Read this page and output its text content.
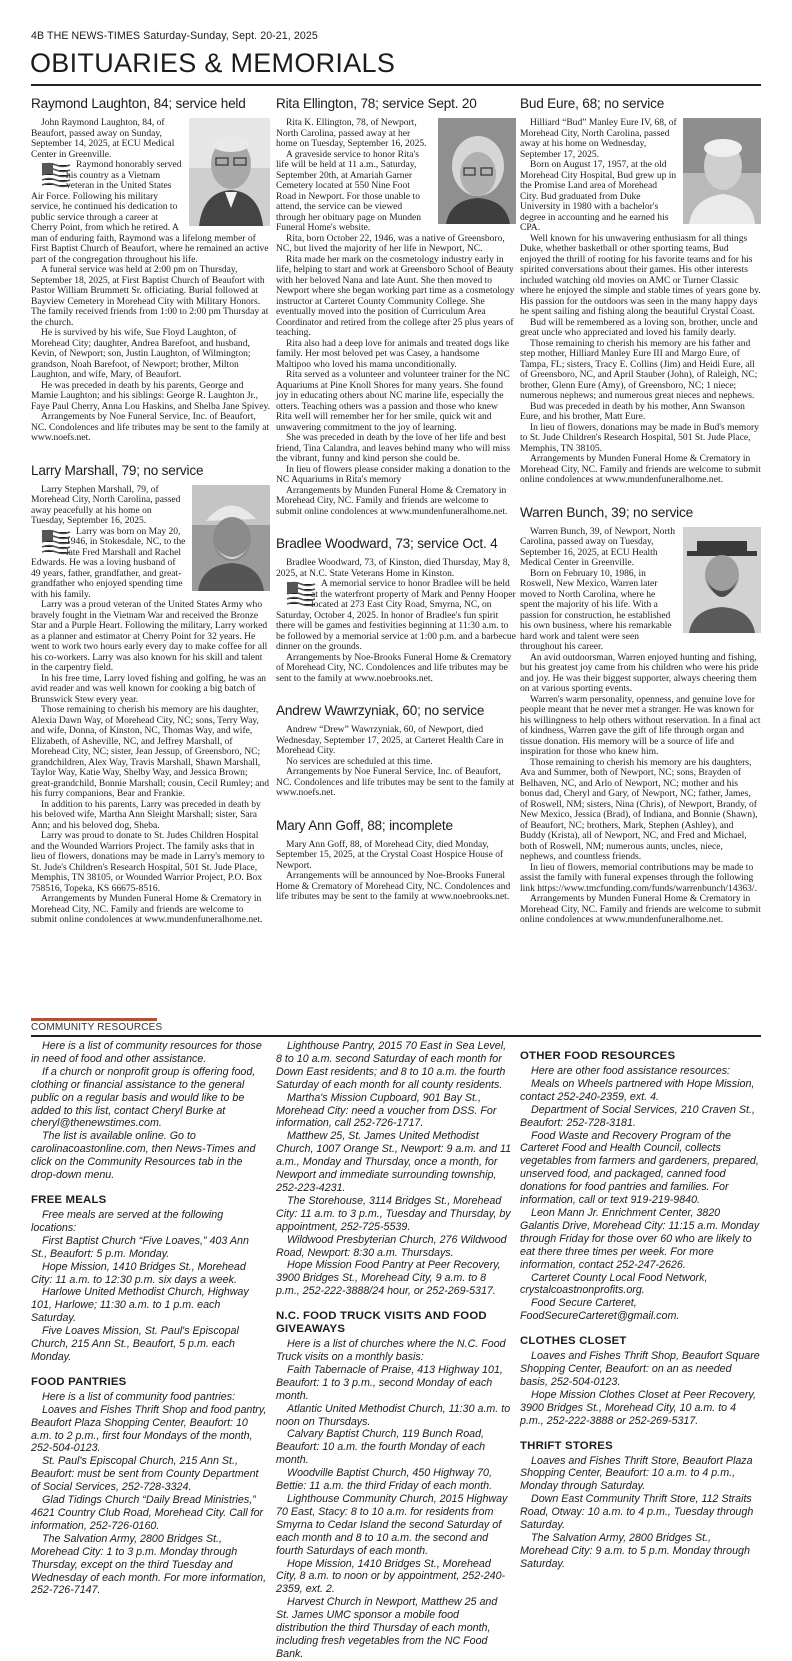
4B THE NEWS-TIMES Saturday-Sunday, Sept. 20-21, 2025
OBITUARIES & MEMORIALS
Raymond Laughton, 84; service held

John Raymond Laughton, 84, of Beaufort, passed away on Sunday, September 14, 2025, at ECU Medical Center in Greenville.

Raymond honorably served his country as a Vietnam veteran in the United States Air Force. Following his military service, he continued his dedication to public service through a career at Cherry Point, from which he retired. A man of enduring faith, Raymond was a lifelong member of First Baptist Church of Beaufort, where he remained an active part of the congregation throughout his life.

A funeral service was held at 2:00 pm on Thursday, September 18, 2025, at First Baptist Church of Beaufort with Pastor William Brummett Sr. officiating. Burial followed at Bayview Cemetery in Morehead City with Military Honors. The family received friends from 1:00 to 2:00 pm Thursday at the church.

He is survived by his wife, Sue Floyd Laughton, of Morehead City; daughter, Andrea Barefoot, and husband, Kevin, of Newport; son, Justin Laughton, of Wilmington; grandson, Noah Barefoot, of Newport; brother, Milton Laughton, and wife, Mary, of Beaufort.

He was preceded in death by his parents, George and Mamie Laughton; and his siblings: George R. Laughton Jr., Faye Paul Cherry, Anna Lou Haskins, and Shelba Jane Spivey.

Arrangements by Noe Funeral Service, Inc. of Beaufort, NC. Condolences and life tributes may be sent to the family at www.noefs.net.

Larry Marshall, 79; no service

Larry Stephen Marshall, 79, of Morehead City, North Carolina, passed away peacefully at his home on Tuesday, September 16, 2025.

Larry was born on May 20, 1946, in Stokesdale, NC, to the late Fred Marshall and Rachel Edwards. He was a loving husband of 49 years, father, grandfather, and great-grandfather who enjoyed spending time with his family.

Larry was a proud veteran of the United States Army who bravely fought in the Vietnam War and received the Bronze Star and a Purple Heart. Following the military, Larry worked as a planner and estimator at Cherry Point for 32 years. He went to work two hours early every day to make coffee for all his co-workers. Larry was also known for his skill and talent in the carpentry field.

In his free time, Larry loved fishing and golfing, he was an avid reader and was well known for cooking a big batch of Brunswick Stew every year.

Those remaining to cherish his memory are his daughter, Alexia Dawn Way, of Morehead City, NC; sons, Terry Way, and wife, Donna, of Kinston, NC, Thomas Way, and wife, Elizabeth, of Asheville, NC, and Jeffrey Marshall, of Morehead City, NC; sister, Jean Jessup, of Greensboro, NC; grandchildren, Alex Way, Travis Marshall, Shawn Marshall, Taylor Way, Katie Way, Shelby Way, and Jessica Brown; great-grandchild, Bonnie Marshall; cousin, Cecil Rumley; and his furry companions, Bear and Frankie.

In addition to his parents, Larry was preceded in death by his beloved wife, Martha Ann Sleight Marshall; sister, Sara Ann; and his beloved dog, Sheba.

Larry was proud to donate to St. Judes Children Hospital and the Wounded Warriors Project. The family asks that in lieu of flowers, donations may be made in Larry's memory to St. Jude's Children's Research Hospital, 501 St. Jude Place, Memphis, TN 38105, or Wounded Warrior Project, P.O. Box 758516, Topeka, KS 66675-8516.

Arrangements by Munden Funeral Home & Crematory in Morehead City, NC. Family and friends are welcome to submit online condolences at www.mundenfuneralhome.net.

Rita Ellington, 78; service Sept. 20

Rita K. Ellington, 78, of Newport, North Carolina, passed away at her home on Tuesday, September 16, 2025.

A graveside service to honor Rita's life will be held at 11 a.m., Saturday, September 20th, at Amariah Garner Cemetery located at 550 Nine Foot Road in Newport. For those unable to attend, the service can be viewed through her obituary page on Munden Funeral Home's website.

Rita, born October 22, 1946, was a native of Greensboro, NC, but lived the majority of her life in Newport, NC.

Rita made her mark on the cosmetology industry early in life, helping to start and work at Greensboro School of Beauty with her beloved Nana and late Aunt. She then moved to Newport where she began working part time as a cosmetology instructor at Carteret County Community College. She eventually moved into the position of Curriculum Area Coordinator and retired from the college after 25 plus years of teaching.

Rita also had a deep love for animals and treated dogs like family. Her most beloved pet was Casey, a handsome Maltipoo who loved his mama unconditionally.

Rita served as a volunteer and volunteer trainer for the NC Aquariums at Pine Knoll Shores for many years. She found joy in educating others about NC marine life, especially the otters. Teaching others was a passion and those who knew Rita well will remember her for her smile, quick wit and unwavering commitment to the joy of learning.

She was preceded in death by the love of her life and best friend, Tina Calandra, and leaves behind many who will miss the vibrant, funny and kind person she could be.

In lieu of flowers please consider making a donation to the NC Aquariums in Rita's memory

Arrangements by Munden Funeral Home & Crematory in Morehead City, NC. Family and friends are welcome to submit online condolences at www.mundenfuneralhome.net.

Bradlee Woodward, 73; service Oct. 4

Bradlee Woodward, 73, of Kinston, died Thursday, May 8, 2025, at N.C. State Veterans Home in Kinston.

A memorial service to honor Bradlee will be held at the waterfront property of Mark and Penny Hooper located at 273 East City Road, Smyrna, NC, on Saturday, October 4, 2025. In honor of Bradlee's fun spirit there will be games and festivities beginning at 11:30 a.m. to be followed by a memorial service at 1:00 p.m. and a barbecue dinner on the grounds.

Arrangements by Noe-Brooks Funeral Home & Crematory of Morehead City, NC. Condolences and life tributes may be sent to the family at www.noebrooks.net.

Andrew Wawrzyniak, 60; no service

Andrew “Drew” Wawrzyniak, 60, of Newport, died Wednesday, September 17, 2025, at Carteret Health Care in Morehead City.

No services are scheduled at this time.

Arrangements by Noe Funeral Service, Inc. of Beaufort, NC. Condolences and life tributes may be sent to the family at www.noefs.net.

Mary Ann Goff, 88; incomplete

Mary Ann Goff, 88, of Morehead City, died Monday, September 15, 2025, at the Crystal Coast Hospice House of Newport.

Arrangements will be announced by Noe-Brooks Funeral Home & Crematory of Morehead City, NC. Condolences and life tributes may be sent to the family at www.noebrooks.net.

Bud Eure, 68; no service

Hilliard “Bud” Manley Eure IV, 68, of Morehead City, North Carolina, passed away at his home on Wednesday, September 17, 2025.

Born on August 17, 1957, at the old Morehead City Hospital, Bud grew up in the Promise Land area of Morehead City. Bud graduated from Duke University in 1980 with a bachelor's degree in accounting and he earned his CPA.

Well known for his unwavering enthusiasm for all things Duke, whether basketball or other sporting teams, Bud enjoyed the thrill of rooting for his favorite teams and for his spirited conversations about their games. His other interests included watching old movies on AMC or Turner Classic where he enjoyed the simple and stable times of years gone by. His passion for the outdoors was seen in the many happy days he spent sailing and fishing along the beautiful Crystal Coast.

Bud will be remembered as a loving son, brother, uncle and great uncle who appreciated and loved his family dearly.

Those remaining to cherish his memory are his father and step mother, Hilliard Manley Eure III and Margo Eure, of Tampa, FL; sisters, Tracy E. Collins (Jim) and Heidi Eure, all of Greensboro, NC, and April Stauber (John), of Raleigh, NC; brother, Glenn Eure (Amy), of Greensboro, NC; 1 niece; numerous nephews; and numerous great nieces and nephews.

Bud was preceded in death by his mother, Ann Swanson Eure, and his brother, Matt Eure.

In lieu of flowers, donations may be made in Bud's memory to St. Jude Children's Research Hospital, 501 St. Jude Place, Memphis, TN 38105.

Arrangements by Munden Funeral Home & Crematory in Morehead City, NC. Family and friends are welcome to submit online condolences at www.mundenfuneralhome.net.

Warren Bunch, 39; no service

Warren Bunch, 39, of Newport, North Carolina, passed away on Tuesday, September 16, 2025, at ECU Health Medical Center in Greenville.

Born on February 10, 1986, in Roswell, New Mexico, Warren later moved to North Carolina, where he spent the majority of his life. With a passion for construction, he established his own business, where his remarkable hard work and talent were seen throughout his career.

An avid outdoorsman, Warren enjoyed hunting and fishing, but his greatest joy came from his children who were his pride and joy. He was their biggest supporter, always cheering them on at various sporting events.

Warren's warm personality, openness, and genuine love for people meant that he never met a stranger. He was known for his willingness to help others without reservation. In a final act of kindness, Warren gave the gift of life through organ and tissue donation. His memory will be a source of life and inspiration for those who knew him.

Those remaining to cherish his memory are his daughters, Ava and Summer, both of Newport, NC; sons, Brayden of Belhaven, NC, and Arlo of Newport, NC; mother and his bonus dad, Cheryl and Gary, of Newport, NC; father, James, of Roswell, NM; sisters, Nina (Chris), of Newport, Brandy, of New Mexico, Jessica (Brad), of Indiana, and Bonnie (Shawn), of Beaufort, NC; brothers, Mark, Stephen (Ashley), and Buddy (Krista), all of Newport, NC, and Fred and Michael, both of Roswell, NM; numerous aunts, uncles, niece, nephews, and countless friends.

In lieu of flowers, memorial contributions may be made to assist the family with funeral expenses through the following link https://www.tmcfunding.com/funds/warrenbunch/14363/.

Arrangements by Munden Funeral Home & Crematory in Morehead City, NC. Family and friends are welcome to submit online condolences at www.mundenfuneralhome.net.

COMMUNITY RESOURCES

Here is a list of community resources for those in need of food and other assistance.

If a church or nonprofit group is offering food, clothing or financial assistance to the general public on a regular basis and would like to be added to this list, contact Cheryl Burke at cheryl@thenewstimes.com.

The list is available online. Go to carolinacoastonline.com, then News-Times and click on the Community Resources tab in the drop-down menu.

FREE MEALS

Free meals are served at the following locations:

First Baptist Church “Five Loaves,” 403 Ann St., Beaufort: 5 p.m. Monday.

Hope Mission, 1410 Bridges St., Morehead City: 11 a.m. to 12:30 p.m. six days a week.

Harlowe United Methodist Church, Highway 101, Harlowe; 11:30 a.m. to 1 p.m. each Saturday.

Five Loaves Mission, St. Paul's Episcopal Church, 215 Ann St., Beaufort, 5 p.m. each Monday.

FOOD PANTRIES

Here is a list of community food pantries:

Loaves and Fishes Thrift Shop and food pantry, Beaufort Plaza Shopping Center, Beaufort: 10 a.m. to 2 p.m., first four Mondays of the month, 252-504-0123.

St. Paul's Episcopal Church, 215 Ann St., Beaufort: must be sent from County Department of Social Services, 252-728-3324.

Glad Tidings Church “Daily Bread Ministries,” 4621 Country Club Road, Morehead City. Call for information, 252-726-0160.

The Salvation Army, 2800 Bridges St., Morehead City: 1 to 3 p.m. Monday through Thursday, except on the third Tuesday and Wednesday of each month. For more information, 252-726-7147.

Lighthouse Pantry, 2015 70 East in Sea Level, 8 to 10 a.m. second Saturday of each month for Down East residents; and 8 to 10 a.m. the fourth Saturday of each month for all county residents.

Martha's Mission Cupboard, 901 Bay St., Morehead City: need a voucher from DSS. For information, call 252-726-1717.

Matthew 25, St. James United Methodist Church, 1007 Orange St., Newport: 9 a.m. and 11 a.m., Monday and Thursday, once a month, for Newport and immediate surrounding township, 252-223-4231.

The Storehouse, 3114 Bridges St., Morehead City: 11 a.m. to 3 p.m., Tuesday and Thursday, by appointment, 252-725-5539.

Wildwood Presbyterian Church, 276 Wildwood Road, Newport: 8:30 a.m. Thursdays.

Hope Mission Food Pantry at Peer Recovery, 3900 Bridges St., Morehead City, 9 a.m. to 8 p.m., 252-222-3888/24 hour, or 252-269-5317.

N.C. FOOD TRUCK VISITS AND FOOD GIVEAWAYS

Here is a list of churches where the N.C. Food Truck visits on a monthly basis:

Faith Tabernacle of Praise, 413 Highway 101, Beaufort: 1 to 3 p.m., second Monday of each month.

Atlantic United Methodist Church, 11:30 a.m. to noon on Thursdays.

Calvary Baptist Church, 119 Bunch Road, Beaufort: 10 a.m. the fourth Monday of each month.

Woodville Baptist Church, 450 Highway 70, Bettie: 11 a.m. the third Friday of each month.

Lighthouse Community Church, 2015 Highway 70 East, Stacy: 8 to 10 a.m. for residents from Smyrna to Cedar Island the second Saturday of each month and 8 to 10 a.m. the second and fourth Saturdays of each month.

Hope Mission, 1410 Bridges St., Morehead City, 8 a.m. to noon or by appointment, 252-240-2359, ext. 2.

Harvest Church in Newport, Matthew 25 and St. James UMC sponsor a mobile food distribution the third Thursday of each month, including fresh vegetables from the NC Food Bank.

OTHER FOOD RESOURCES

Here are other food assistance resources:

Meals on Wheels partnered with Hope Mission, contact 252-240-2359, ext. 4.

Department of Social Services, 210 Craven St., Beaufort: 252-728-3181.

Food Waste and Recovery Program of the Carteret Food and Health Council, collects vegetables from farmers and gardeners, prepared, unserved food, and packaged, canned food donations for food pantries and families. For information, call or text 919-219-9840.

Leon Mann Jr. Enrichment Center, 3820 Galantis Drive, Morehead City: 11:15 a.m. Monday through Friday for those over 60 who are likely to eat there three times per week. For more information, contact 252-247-2626.

Carteret County Local Food Network, crystalcoastnonprofits.org.

Food Secure Carteret, FoodSecureCarteret@gmail.com.

CLOTHES CLOSET

Loaves and Fishes Thrift Shop, Beaufort Square Shopping Center, Beaufort: on an as needed basis, 252-504-0123.

Hope Mission Clothes Closet at Peer Recovery, 3900 Bridges St., Morehead City, 10 a.m. to 4 p.m., 252-222-3888 or 252-269-5317.

THRIFT STORES

Loaves and Fishes Thrift Store, Beaufort Plaza Shopping Center, Beaufort: 10 a.m. to 4 p.m., Monday through Saturday.

Down East Community Thrift Store, 112 Straits Road, Otway: 10 a.m. to 4 p.m., Tuesday through Saturday.

The Salvation Army, 2800 Bridges St., Morehead City: 9 a.m. to 5 p.m. Monday through Saturday.
